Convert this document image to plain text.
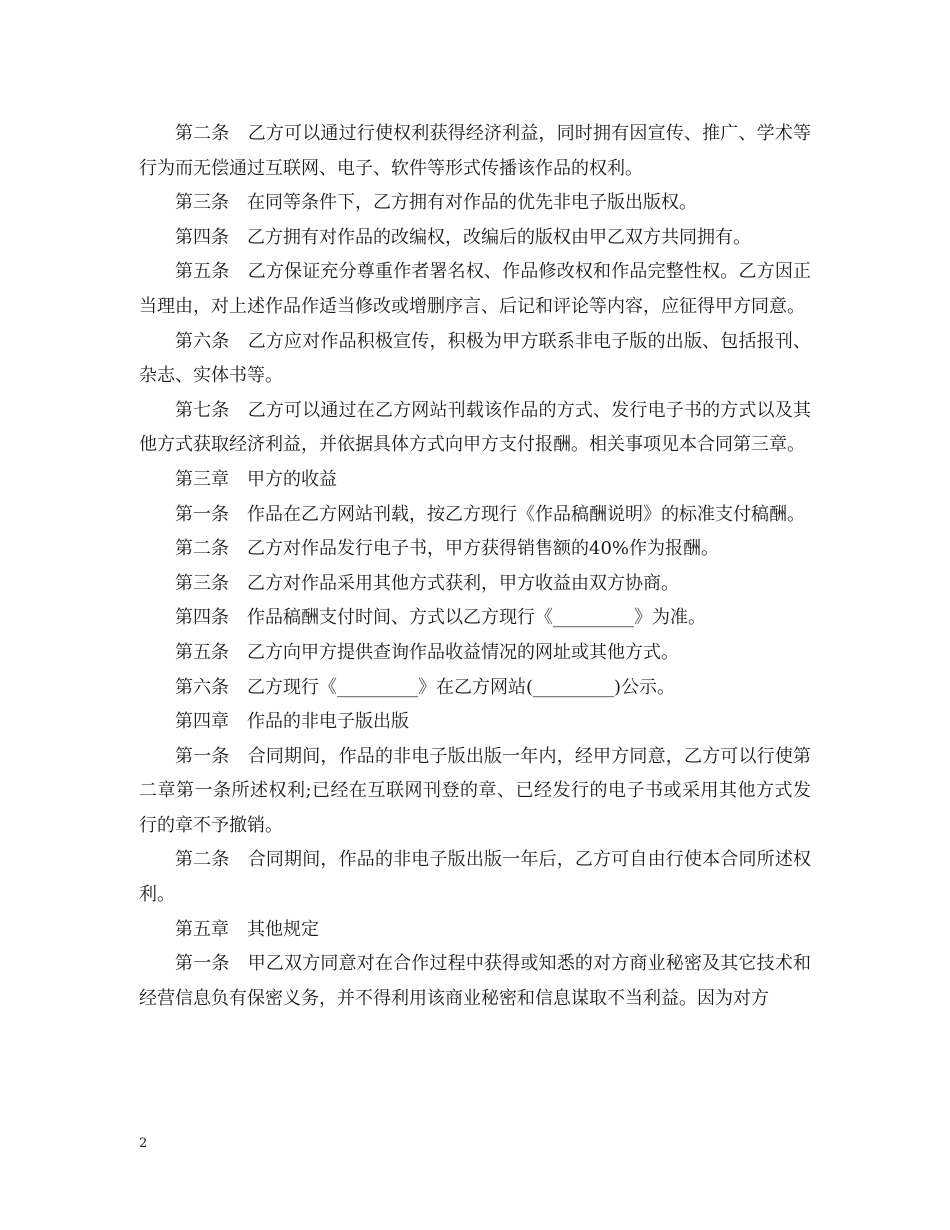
第二条　乙方可以通过行使权利获得经济利益，同时拥有因宣传、推广、学术等行为而无偿通过互联网、电子、软件等形式传播该作品的权利。

第三条　在同等条件下，乙方拥有对作品的优先非电子版出版权。

第四条　乙方拥有对作品的改编权，改编后的版权由甲乙双方共同拥有。

第五条　乙方保证充分尊重作者署名权、作品修改权和作品完整性权。乙方因正当理由，对上述作品作适当修改或增删序言、后记和评论等内容，应征得甲方同意。

第六条　乙方应对作品积极宣传，积极为甲方联系非电子版的出版、包括报刊、杂志、实体书等。

第七条　乙方可以通过在乙方网站刊载该作品的方式、发行电子书的方式以及其他方式获取经济利益，并依据具体方式向甲方支付报酬。相关事项见本合同第三章。

第三章　甲方的收益

第一条　作品在乙方网站刊载，按乙方现行《作品稿酬说明》的标准支付稿酬。

第二条　乙方对作品发行电子书，甲方获得销售额的40%作为报酬。

第三条　乙方对作品采用其他方式获利，甲方收益由双方协商。

第四条　作品稿酬支付时间、方式以乙方现行《_________》为准。

第五条　乙方向甲方提供查询作品收益情况的网址或其他方式。

第六条　乙方现行《_________》在乙方网站(_________)公示。

第四章　作品的非电子版出版

第一条　合同期间，作品的非电子版出版一年内，经甲方同意，乙方可以行使第二章第一条所述权利;已经在互联网刊登的章、已经发行的电子书或采用其他方式发行的章不予撤销。

第二条　合同期间，作品的非电子版出版一年后，乙方可自由行使本合同所述权利。

第五章　其他规定

第一条　甲乙双方同意对在合作过程中获得或知悉的对方商业秘密及其它技术和经营信息负有保密义务，并不得利用该商业秘密和信息谋取不当利益。因为对方

2
